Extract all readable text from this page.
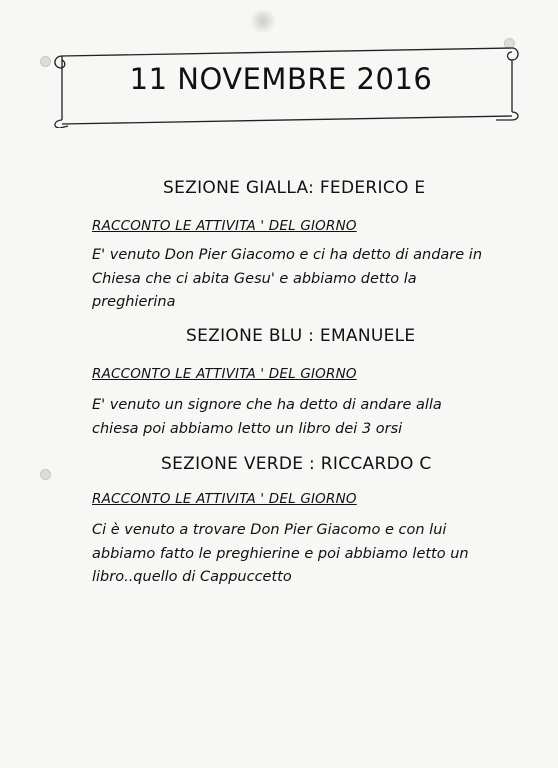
11 NOVEMBRE 2016
SEZIONE GIALLA: FEDERICO E
RACCONTO LE ATTIVITA ' DEL GIORNO
E' venuto Don Pier Giacomo e ci ha detto di andare in
Chiesa che ci abita Gesu' e abbiamo detto la
preghierina
SEZIONE BLU : EMANUELE
RACCONTO LE ATTIVITA ' DEL GIORNO
E' venuto un signore che ha detto di andare alla
chiesa poi abbiamo letto un libro dei 3 orsi
SEZIONE VERDE : RICCARDO C
RACCONTO LE ATTIVITA ' DEL GIORNO
Ci è venuto a trovare Don Pier Giacomo e con lui
abbiamo fatto le preghierine e poi abbiamo letto un
libro..quello di Cappuccetto
